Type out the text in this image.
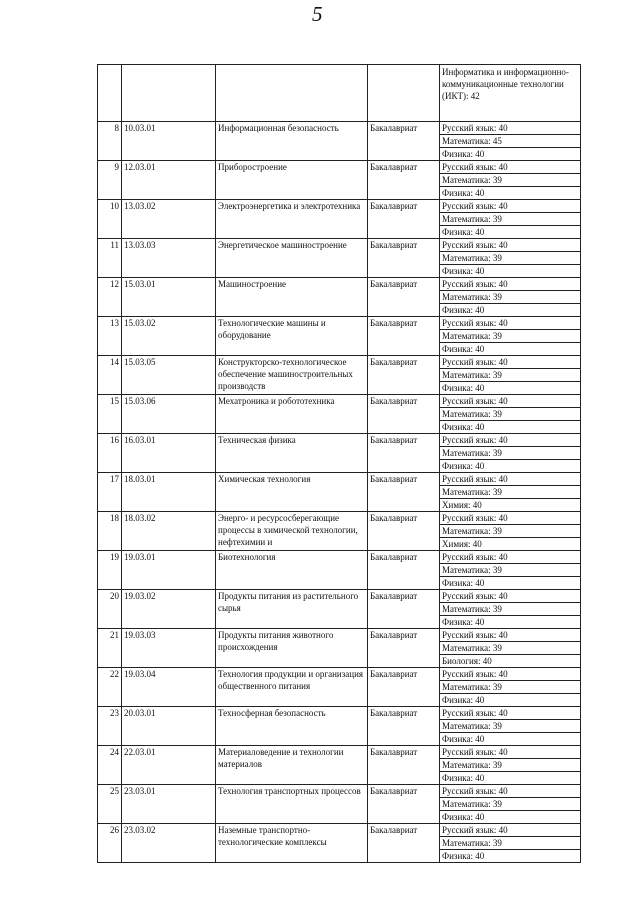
5
				Информатика и информационно-коммуникационные технологии (ИКТ): 42
8	10.03.01	Информационная безопасность	Бакалавриат	Русский язык: 40
				Математика: 45
				Физика: 40
9	12.03.01	Приборостроение	Бакалавриат	Русский язык: 40
				Математика: 39
				Физика: 40
10	13.03.02	Электроэнергетика и электротехника	Бакалавриат	Русский язык: 40
				Математика: 39
				Физика: 40
11	13.03.03	Энергетическое машиностроение	Бакалавриат	Русский язык: 40
				Математика: 39
				Физика: 40
12	15.03.01	Машиностроение	Бакалавриат	Русский язык: 40
				Математика: 39
				Физика: 40
13	15.03.02	Технологические машины и оборудование	Бакалавриат	Русский язык: 40
				Математика: 39
				Физика: 40
14	15.03.05	Конструкторско-технологическое обеспечение машиностроительных производств	Бакалавриат	Русский язык: 40
				Математика: 39
				Физика: 40
15	15.03.06	Мехатроника и робототехника	Бакалавриат	Русский язык: 40
				Математика: 39
				Физика: 40
16	16.03.01	Техническая физика	Бакалавриат	Русский язык: 40
				Математика: 39
				Физика: 40
17	18.03.01	Химическая технология	Бакалавриат	Русский язык: 40
				Математика: 39
				Химия: 40
18	18.03.02	Энерго- и ресурсосберегающие процессы в химической технологии, нефтехимии и	Бакалавриат	Русский язык: 40
				Математика: 39
				Химия: 40
19	19.03.01	Биотехнология	Бакалавриат	Русский язык: 40
				Математика: 39
				Физика: 40
20	19.03.02	Продукты питания из растительного сырья	Бакалавриат	Русский язык: 40
				Математика: 39
				Физика: 40
21	19.03.03	Продукты питания животного происхождения	Бакалавриат	Русский язык: 40
				Математика: 39
				Биология: 40
22	19.03.04	Технология продукции и организация общественного питания	Бакалавриат	Русский язык: 40
				Математика: 39
				Физика: 40
23	20.03.01	Техносферная безопасность	Бакалавриат	Русский язык: 40
				Математика: 39
				Физика: 40
24	22.03.01	Материаловедение и технологии материалов	Бакалавриат	Русский язык: 40
				Математика: 39
				Физика: 40
25	23.03.01	Технология транспортных процессов	Бакалавриат	Русский язык: 40
				Математика: 39
				Физика: 40
26	23.03.02	Наземные транспортно-технологические комплексы	Бакалавриат	Русский язык: 40
				Математика: 39
				Физика: 40
